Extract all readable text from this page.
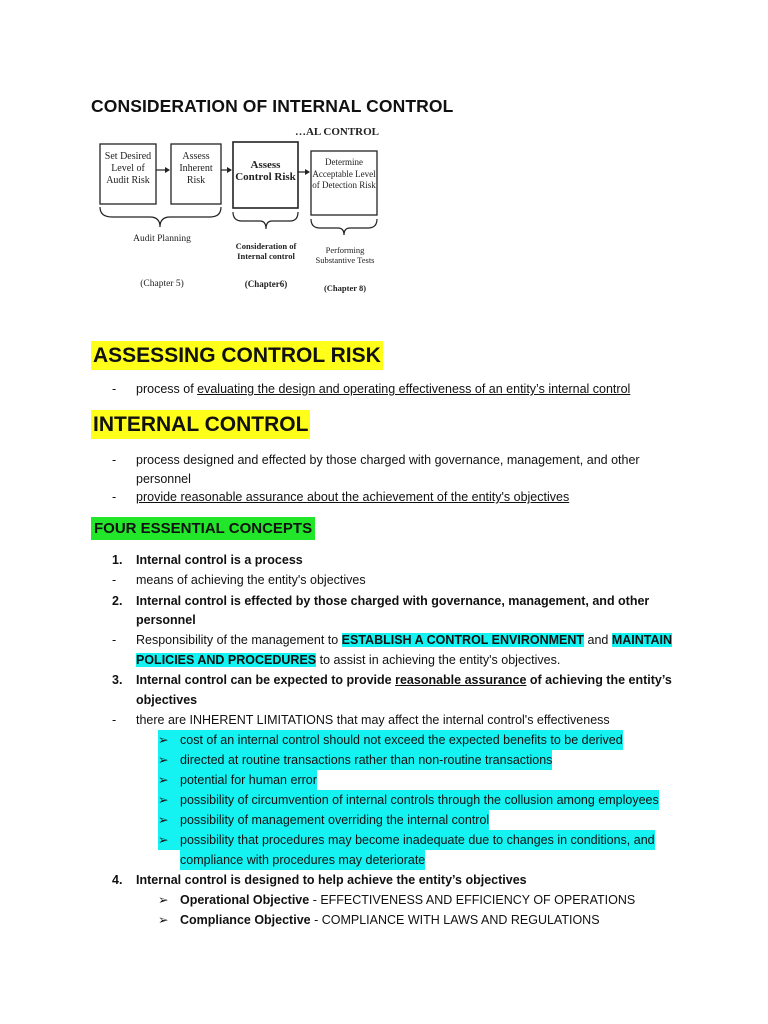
CONSIDERATION OF INTERNAL CONTROL
…AL CONTROL
Set Desired Level of Audit Risk
Assess Inherent Risk
Assess Control Risk
Determine Acceptable Level of Detection Risk
Audit Planning
Consideration of Internal control
Performing Substantive Tests
(Chapter 5)	(Chapter6)	(Chapter 8)
ASSESSING CONTROL RISK
- process of evaluating the design and operating effectiveness of an entity’s internal control
INTERNAL CONTROL
- process designed and effected by those charged with governance, management, and other
personnel
- provide reasonable assurance about the achievement of the entity's objectives
FOUR ESSENTIAL CONCEPTS
1. Internal control is a process
- means of achieving the entity's objectives
2. Internal control is effected by those charged with governance, management, and other
personnel
- Responsibility of the management to ESTABLISH A CONTROL ENVIRONMENT and MAINTAIN
POLICIES AND PROCEDURES to assist in achieving the entity's objectives.
3. Internal control can be expected to provide reasonable assurance of achieving the entity’s
objectives
- there are INHERENT LIMITATIONS that may affect the internal control's effectiveness
➢ cost of an internal control should not exceed the expected benefits to be derived
➢ directed at routine transactions rather than non-routine transactions
➢ potential for human error
➢ possibility of circumvention of internal controls through the collusion among employees
➢ possibility of management overriding the internal control
➢ possibility that procedures may become inadequate due to changes in conditions, and
compliance with procedures may deteriorate
4. Internal control is designed to help achieve the entity’s objectives
➢ Operational Objective - EFFECTIVENESS AND EFFICIENCY OF OPERATIONS
➢ Compliance Objective - COMPLIANCE WITH LAWS AND REGULATIONS
